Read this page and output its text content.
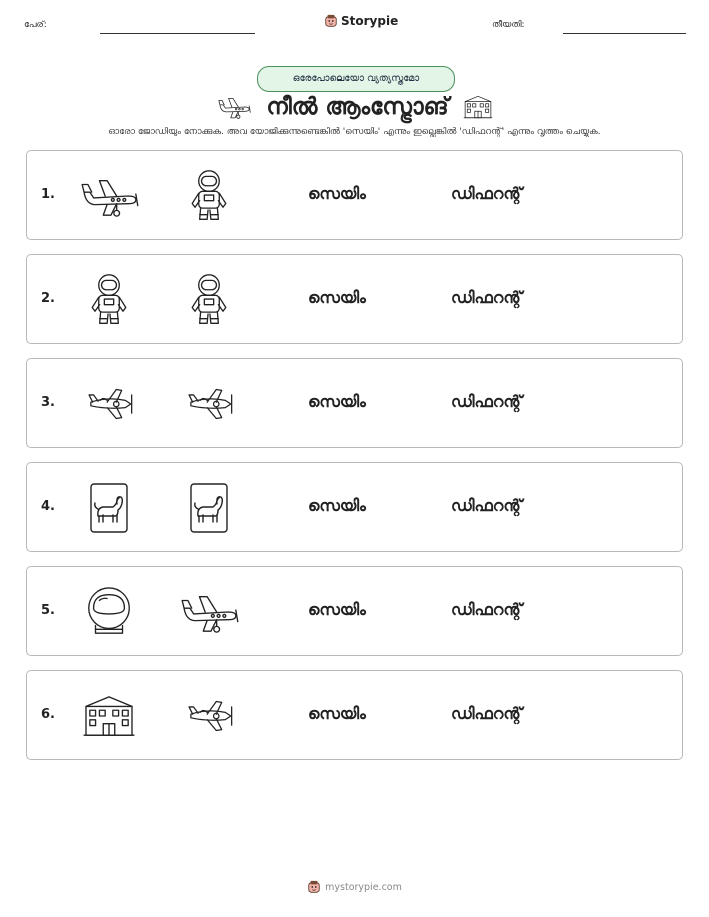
പേര്:	Storypie	തീയതി:
ഒരേപോലെയോ വ്യത്യസ്തമോ
നീൽ ആംസ്ട്രോങ്
ഓരോ ജോഡിയും നോക്കുക. അവ യോജിക്കുന്നുണ്ടെങ്കിൽ 'സെയിം' എന്നും ഇല്ലെങ്കിൽ 'ഡിഫറന്റ്' എന്നും വൃത്തം ചെയ്യുക.
1.	സെയിം	ഡിഫറന്റ്
2.	സെയിം	ഡിഫറന്റ്
3.	സെയിം	ഡിഫറന്റ്
4.	സെയിം	ഡിഫറന്റ്
5.	സെയിം	ഡിഫറന്റ്
6.	സെയിം	ഡിഫറന്റ്
mystorypie.com
